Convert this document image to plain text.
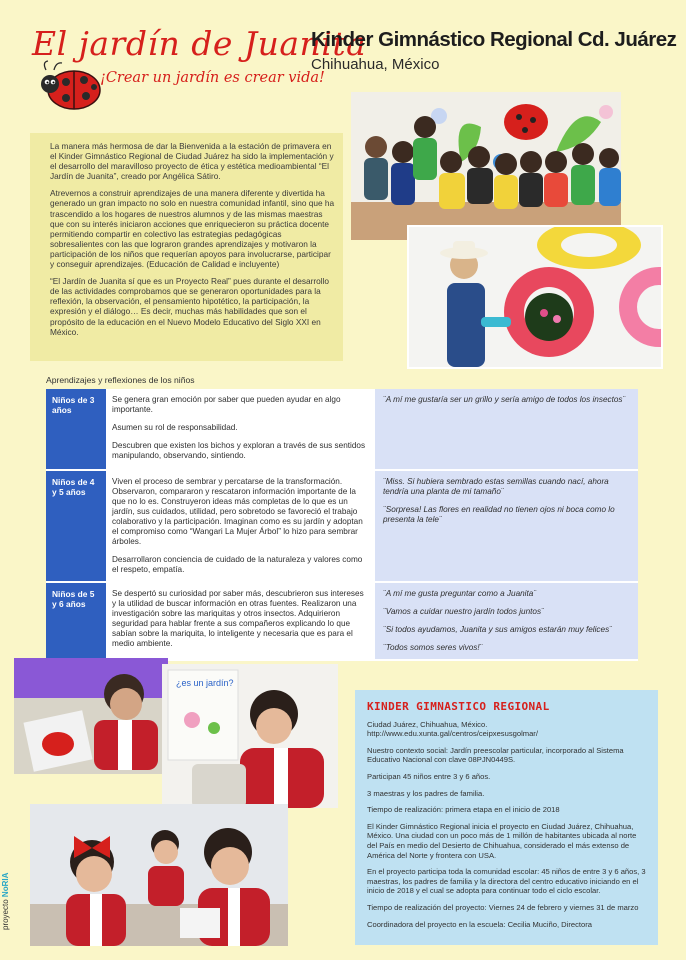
El jardín de Juanita
¡Crear un jardín es crear vida!
Kinder Gimnástico Regional Cd. Juárez
Chihuahua, México

La manera más hermosa de dar la Bienvenida a la estación de primavera en el Kinder Gimnástico Regional de Ciudad Juárez ha sido la implementación y el desarrollo del maravilloso proyecto de ética y estética medioambiental “El Jardín de Juanita”, creado por Angélica Sátiro.

Atrevernos a construir aprendizajes de una manera diferente y divertida ha generado un gran impacto no solo en nuestra comunidad infantil, sino que ha trascendido a los hogares de nuestros alumnos y de las mismas maestras que con su interés iniciaron acciones que enriquecieron su práctica docente permitiendo compartir en colectivo las estrategias pedagógicas sobresalientes con las que lograron grandes aprendizajes y motivaron la participación de los niños que requerían apoyos para involucrarse, participar y conseguir aprendizajes. (Educación de Calidad e incluyente)

“El Jardín de Juanita sí que es un Proyecto Real” pues durante el desarrollo de las actividades comprobamos que se generaron oportunidades para la reflexión, la observación, el pensamiento hipotético, la participación, la expresión y el diálogo… Es decir, muchas más habilidades que son el propósito de la educación en el Nuevo Modelo Educativo del Siglo XXI en México.

Aprendizajes y reflexiones de los niños
Niños de 3 años

Se genera gran emoción por saber que pueden ayudar en algo importante.

Asumen su rol de responsabilidad.

Descubren que existen los bichos y exploran a través de sus sentidos manipulando, observando, sintiendo.

¨A mí me gustaría ser un grillo y sería amigo de todos los insectos¨

Niños de 4 y 5 años

Viven el proceso de sembrar y percatarse de la transformación. Observaron, compararon y rescataron información importante de la que no lo es. Construyeron ideas más completas de lo que es un jardín, sus cuidados, utilidad, pero sobretodo se favoreció el trabajo colaborativo y la participación. Imaginan como es su jardín y adoptan el compromiso como “Wangari La Mujer Árbol” lo hizo para sembrar árboles.

Desarrollaron conciencia de cuidado de la naturaleza y valores como el respeto, empatía.

¨Miss. Si hubiera sembrado estas semillas cuando nací, ahora tendría una planta de mi tamaño¨

¨Sorpresa! Las flores en realidad no tienen ojos ni boca como lo presenta la tele¨

Niños de 5 y 6 años

Se despertó su curiosidad por saber más, descubrieron sus intereses y la utilidad de buscar información en otras fuentes. Realizaron una investigación sobre las mariquitas y otros insectos. Adquirieron seguridad para hablar frente a sus compañeros explicando lo que sabían sobre la mariquita, lo inteligente y necesaria que es para el medio ambiente.

¨A mí me gusta preguntar como a Juanita¨

¨Vamos a cuidar nuestro jardín todos juntos¨

¨Si todos ayudamos, Juanita y sus amigos estarán muy felices¨

¨Todos somos seres vivos!¨

¿es un jardín?
KINDER GIMNASTICO REGIONAL

Ciudad Juárez, Chihuahua, México.
http://www.edu.xunta.gal/centros/ceipxesusgolmar/

Nuestro contexto social: Jardín preescolar particular, incorporado al Sistema Educativo Nacional con clave 08PJN0449S.

Participan 45 niños entre 3 y 6 años.

3 maestras y los padres de familia.

Tiempo de realización: primera etapa en el inicio de 2018

El Kinder Gimnástico Regional inicia el proyecto en Ciudad Juárez, Chihuahua, México. Una ciudad con un poco más de 1 millón de habitantes ubicada al norte del País en medio del Desierto de Chihuahua, considerado el más extenso de América del Norte y frontera con USA.

En el proyecto participa toda la comunidad escolar: 45 niños de entre 3 y 6 años, 3 maestras, los padres de familia y la directora del centro educativo iniciando en el inicio de 2018 y el cual se adopta para continuar todo el ciclo escolar.

Tiempo de realización del proyecto: Viernes 24 de febrero y viernes 31 de marzo

Coordinadora del proyecto en la escuela: Cecilia Muciño, Directora

proyecto NoRIA
